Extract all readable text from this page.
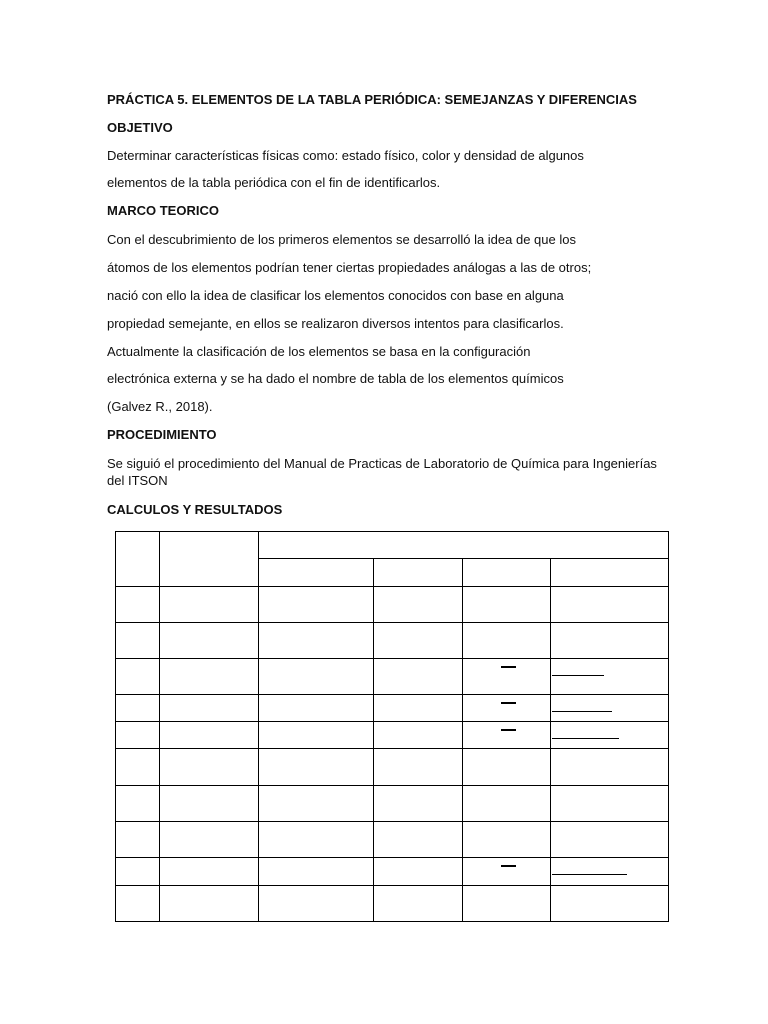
PRÁCTICA 5. ELEMENTOS DE LA TABLA PERIÓDICA: SEMEJANZAS Y DIFERENCIAS
OBJETIVO
Determinar características físicas como: estado físico, color y densidad de algunos
elementos de la tabla periódica con el fin de identificarlos.
MARCO TEORICO
Con el descubrimiento de los primeros elementos se desarrolló la idea de que los
átomos de los elementos podrían tener ciertas propiedades análogas a las de otros;
nació con ello la idea de clasificar los elementos conocidos con base en alguna
propiedad semejante, en ellos se realizaron diversos intentos para clasificarlos.
Actualmente la clasificación de los elementos se basa en la configuración
electrónica externa y se ha dado el nombre de tabla de los elementos químicos
(Galvez R., 2018).
PROCEDIMIENTO
Se siguió el procedimiento del Manual de Practicas de Laboratorio de Química para Ingenierías del ITSON
CALCULOS Y RESULTADOS
